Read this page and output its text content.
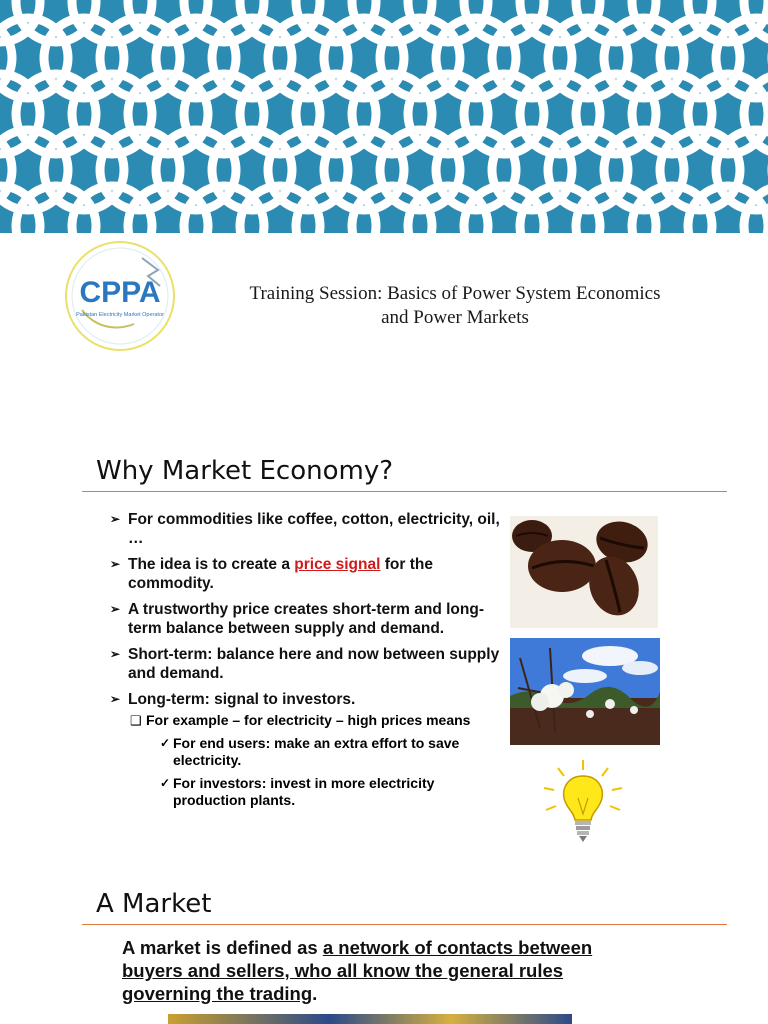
CPPA
Pakistan Electricity Market Operator
Training Session: Basics of Power System Economics
and Power Markets
Why Market Economy?
➢ For commodities like coffee, cotton, electricity, oil, …
➢ The idea is to create a price signal for the commodity.
➢ A trustworthy price creates short-term and long-term balance between supply and demand.
➢ Short-term: balance here and now between supply and demand.
➢ Long-term: signal to investors.
❑ For example – for electricity – high prices means
✓ For end users: make an extra effort to save electricity.
✓ For investors: invest in more electricity production plants.
A Market
A market is defined as a network of contacts between buyers and sellers, who all know the general rules governing the trading.
